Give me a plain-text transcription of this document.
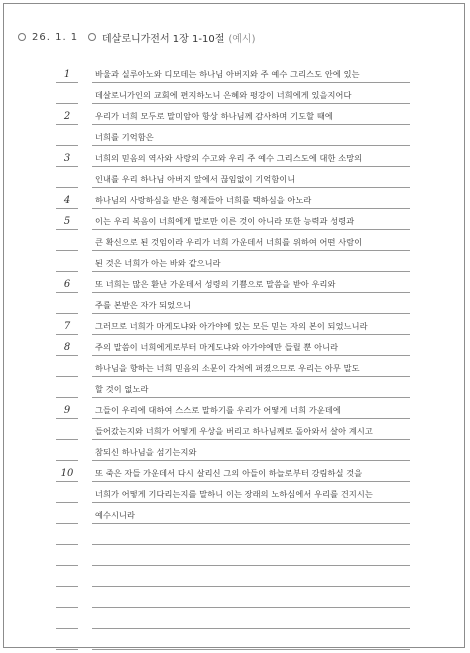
26. 1. 1	데살로니가전서 1장 1-10절 (예시)
1	바울과 실루아노와 디모데는 하나님 아버지와 주 예수 그리스도 안에 있는
데살로니가인의 교회에 편지하노니 은혜와 평강이 너희에게 있을지어다
2	우리가 너희 모두로 말미암아 항상 하나님께 감사하며 기도할 때에
너희를 기억함은
3	너희의 믿음의 역사와 사랑의 수고와 우리 주 예수 그리스도에 대한 소망의
인내를 우리 하나님 아버지 앞에서 끊임없이 기억함이니
4	하나님의 사랑하심을 받은 형제들아 너희를 택하심을 아노라
5	이는 우리 복음이 너희에게 말로만 이른 것이 아니라 또한 능력과 성령과
큰 확신으로 된 것임이라 우리가 너희 가운데서 너희를 위하여 어떤 사람이
된 것은 너희가 아는 바와 같으니라
6	또 너희는 많은 환난 가운데서 성령의 기쁨으로 말씀을 받아 우리와
주를 본받은 자가 되었으니
7	그러므로 너희가 마게도냐와 아가야에 있는 모든 믿는 자의 본이 되었느니라
8	주의 말씀이 너희에게로부터 마게도냐와 아가야에만 들릴 뿐 아니라
하나님을 향하는 너희 믿음의 소문이 각처에 퍼졌으므로 우리는 아무 말도
할 것이 없노라
9	그들이 우리에 대하여 스스로 말하기를 우리가 어떻게 너희 가운데에
들어갔는지와 너희가 어떻게 우상을 버리고 하나님께로 돌아와서 살아 계시고
참되신 하나님을 섬기는지와
10	또 죽은 자들 가운데서 다시 살리신 그의 아들이 하늘로부터 강림하실 것을
너희가 어떻게 기다리는지를 말하니 이는 장래의 노하심에서 우리를 건지시는
예수시니라
